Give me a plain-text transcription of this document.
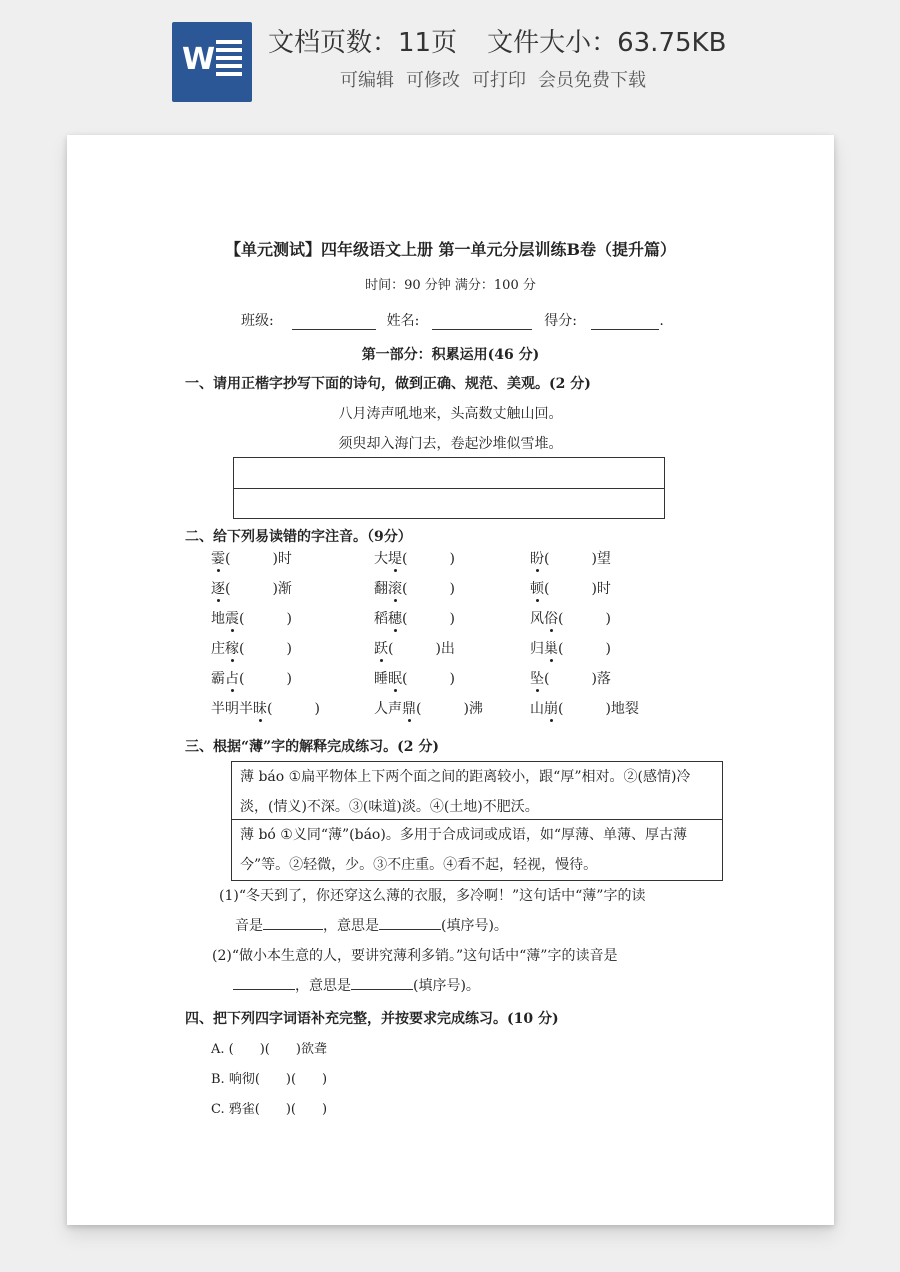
W 文档页数：11页 文件大小：63.75KB
可编辑 可修改 可打印 会员免费下载
【单元测试】四年级语文上册 第一单元分层训练B卷（提升篇）
时间：90 分钟 满分：100 分
班级:	姓名:	得分:	.
第一部分：积累运用(46 分)
一、请用正楷字抄写下面的诗句，做到正确、规范、美观。(2 分)
八月涛声吼地来，头高数丈触山回。
须臾却入海门去，卷起沙堆似雪堆。
二、给下列易读错的字注音。（9分）
霎(　　　)时	大堤(　　　)	盼(　　　)望
逐(　　　)渐	翻滚(　　　)	顿(　　　)时
地震(　　　)	稻穗(　　　)	风俗(　　　)
庄稼(　　　)	跃(　　　)出	归巢(　　　)
霸占(　　　)	睡眠(　　　)	坠(　　　)落
半明半昧(　　　)	人声鼎(　　　)沸	山崩(　　　)地裂
三、根据“薄”字的解释完成练习。(2 分)
薄 báo ①扁平物体上下两个面之间的距离较小，跟“厚”相对。②(感情)冷淡，(情义)不深。③(味道)淡。④(土地)不肥沃。
薄 bó ①义同“薄”(báo)。多用于合成词或成语，如“厚薄、单薄、厚古薄今”等。②轻微，少。③不庄重。④看不起，轻视，慢待。
(1)“冬天到了，你还穿这么薄的衣服，多冷啊！”这句话中“薄”字的读
音是	，意思是	(填序号)。
(2)“做小本生意的人，要讲究薄利多销。”这句话中“薄”字的读音是
，意思是	(填序号)。
四、把下列四字词语补充完整，并按要求完成练习。(10 分)
A. (　　)(　　)欲聋
B. 响彻(　　)(　　)
C. 鸦雀(　　)(　　)
